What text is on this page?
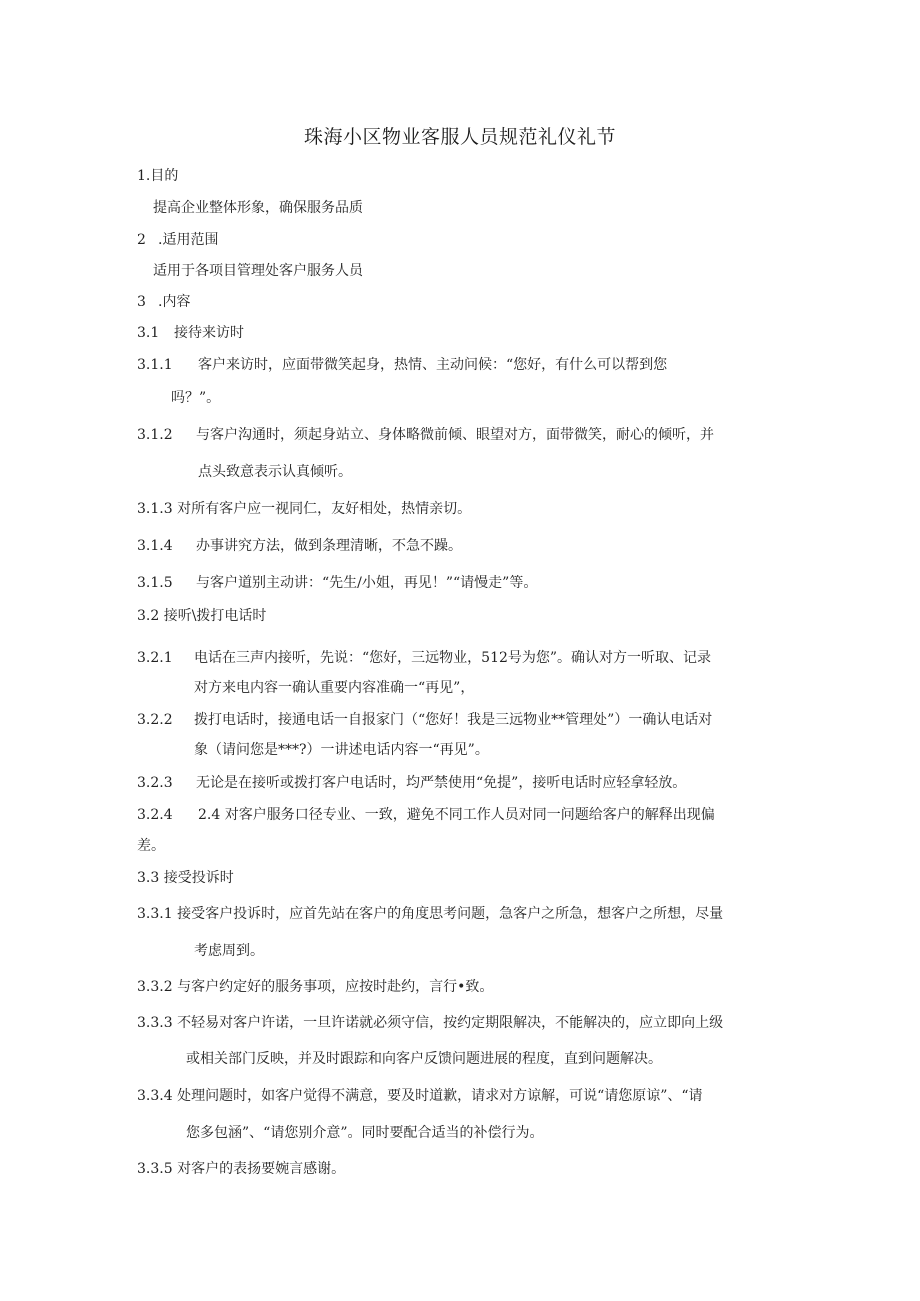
珠海小区物业客服人员规范礼仪礼节
1.目的
提高企业整体形象，确保服务品质
2 .适用范围
适用于各项目管理处客户服务人员
3 .内容
3.1 接待来访时
3.1.1 客户来访时，应面带微笑起身，热情、主动问候：“您好，有什么可以帮到您
吗？”。
3.1.2 与客户沟通时，须起身站立、身体略微前倾、眼望对方，面带微笑，耐心的倾听，并
点头致意表示认真倾听。
3.1.3 对所有客户应一视同仁，友好相处，热情亲切。
3.1.4 办事讲究方法，做到条理清晰，不急不躁。
3.1.5 与客户道别主动讲：“先生/小姐，再见！”“请慢走”等。
3.2 接听\拨打电话时
3.2.1 电话在三声内接听，先说：“您好，三远物业，512号为您”。确认对方一听取、记录
对方来电内容一确认重要内容准确一“再见”，
3.2.2 拨打电话时，接通电话一自报家门（“您好！我是三远物业**管理处”）一确认电话对
象（请问您是***?）一讲述电话内容一“再见”。
3.2.3 无论是在接听或拨打客户电话时，均严禁使用“免提”，接听电话时应轻拿轻放。
3.2.4 2.4 对客户服务口径专业、一致，避免不同工作人员对同一问题给客户的解释出现偏
差。
3.3 接受投诉时
3.3.1 接受客户投诉时，应首先站在客户的角度思考问题，急客户之所急，想客户之所想，尽量
考虑周到。
3.3.2 与客户约定好的服务事项，应按时赴约，言行•致。
3.3.3 不轻易对客户许诺，一旦许诺就必须守信，按约定期限解决，不能解决的，应立即向上级
或相关部门反映，并及时跟踪和向客户反馈问题进展的程度，直到问题解决。
3.3.4 处理问题时，如客户觉得不满意，要及时道歉，请求对方谅解，可说“请您原谅”、“请
您多包涵”、“请您别介意”。同时要配合适当的补偿行为。
3.3.5 对客户的表扬要婉言感谢。
